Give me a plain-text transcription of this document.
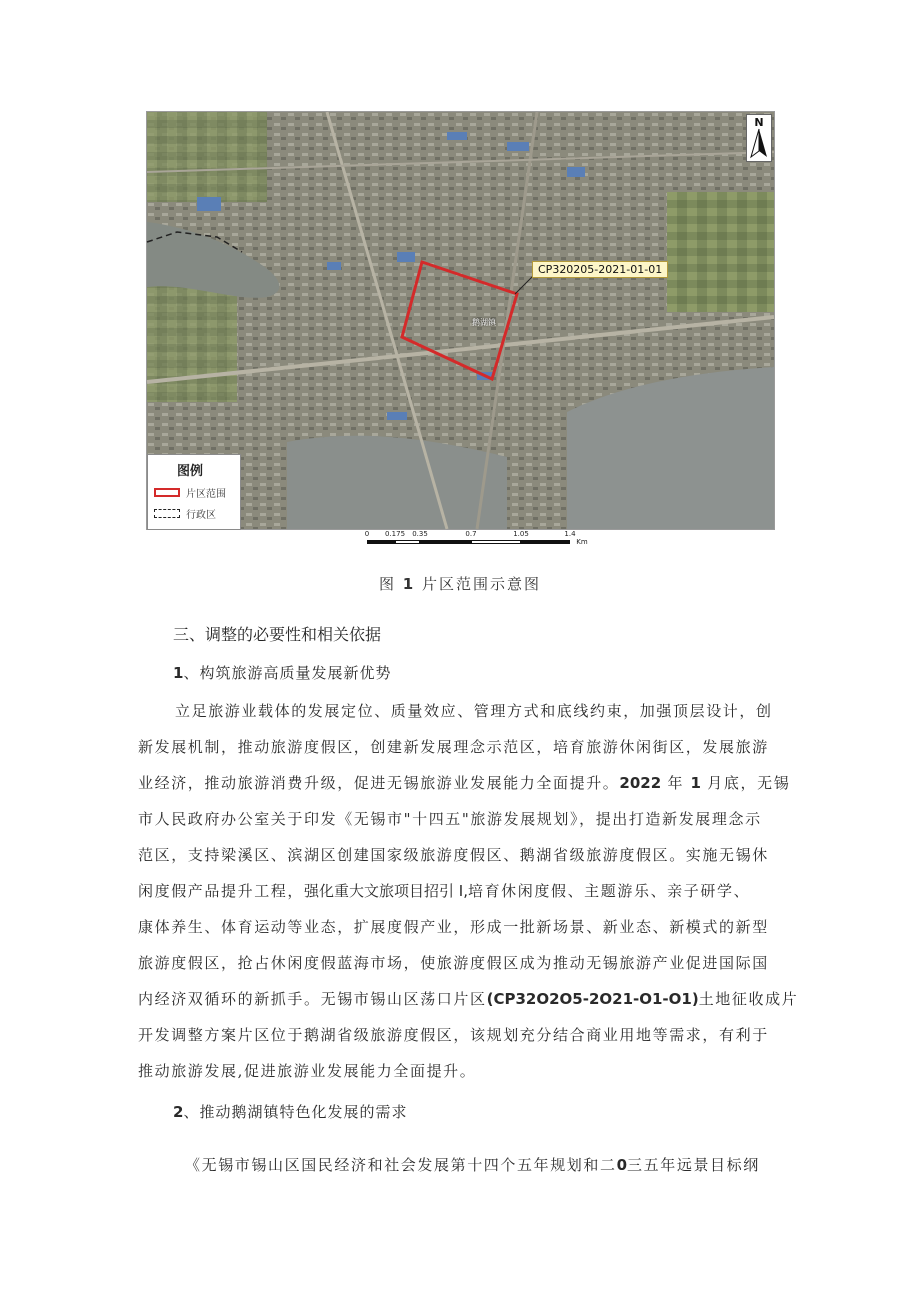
N
CP320205-2021-01-01
鹅湖镇
图例
片区范围
行政区
0 0.175 0.35	0.7	1.05	1.4
Km
图 1 片区范围示意图
三、调整的必要性和相关依据
1、构筑旅游高质量发展新优势
立足旅游业载体的发展定位、质量效应、管理方式和底线约束，加强顶层设计，创
新发展机制，推动旅游度假区，创建新发展理念示范区，培育旅游休闲街区，发展旅游
业经济，推动旅游消费升级，促进无锡旅游业发展能力全面提升。2022 年 1 月底，无锡
市人民政府办公室关于印发《无锡市"十四五"旅游发展规划》，提出打造新发展理念示
范区，支持梁溪区、滨湖区创建国家级旅游度假区、鹅湖省级旅游度假区。实施无锡休
闲度假产品提升工程，强化重大文旅项目招引 I,培育休闲度假、主题游乐、亲子研学、
康体养生、体育运动等业态，扩展度假产业，形成一批新场景、新业态、新模式的新型
旅游度假区，抢占休闲度假蓝海市场，使旅游度假区成为推动无锡旅游产业促进国际国
内经济双循环的新抓手。无锡市锡山区荡口片区(CP32O2O5-2O21-O1-O1)土地征收成片
开发调整方案片区位于鹅湖省级旅游度假区，该规划充分结合商业用地等需求，有利于
推动旅游发展,促进旅游业发展能力全面提升。
2、推动鹅湖镇特色化发展的需求
《无锡市锡山区国民经济和社会发展第十四个五年规划和二0三五年远景目标纲
